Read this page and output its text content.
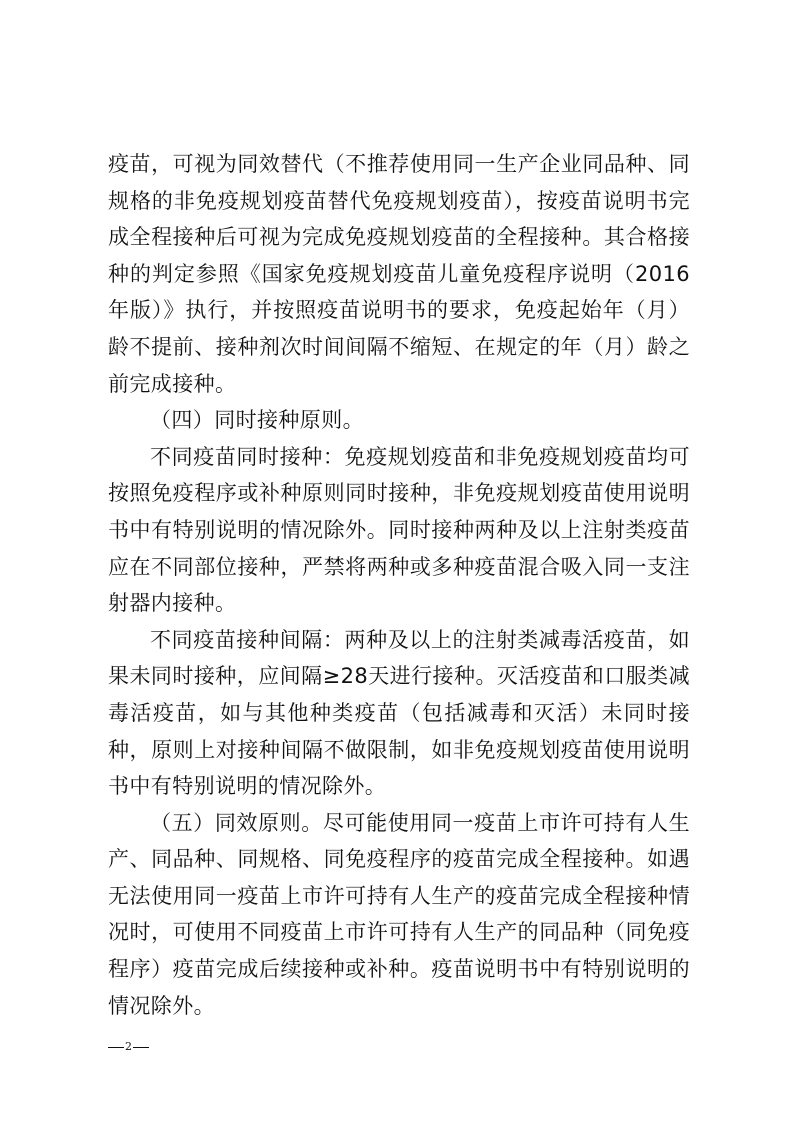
疫苗，可视为同效替代（不推荐使用同一生产企业同品种、同规格的非免疫规划疫苗替代免疫规划疫苗），按疫苗说明书完成全程接种后可视为完成免疫规划疫苗的全程接种。其合格接种的判定参照《国家免疫规划疫苗儿童免疫程序说明（2016年版）》执行，并按照疫苗说明书的要求，免疫起始年（月）龄不提前、接种剂次时间间隔不缩短、在规定的年（月）龄之前完成接种。

（四）同时接种原则。

不同疫苗同时接种：免疫规划疫苗和非免疫规划疫苗均可按照免疫程序或补种原则同时接种，非免疫规划疫苗使用说明书中有特别说明的情况除外。同时接种两种及以上注射类疫苗应在不同部位接种，严禁将两种或多种疫苗混合吸入同一支注射器内接种。

不同疫苗接种间隔：两种及以上的注射类减毒活疫苗，如果未同时接种，应间隔≥28天进行接种。灭活疫苗和口服类减毒活疫苗，如与其他种类疫苗（包括减毒和灭活）未同时接种，原则上对接种间隔不做限制，如非免疫规划疫苗使用说明书中有特别说明的情况除外。

（五）同效原则。尽可能使用同一疫苗上市许可持有人生产、同品种、同规格、同免疫程序的疫苗完成全程接种。如遇无法使用同一疫苗上市许可持有人生产的疫苗完成全程接种情况时，可使用不同疫苗上市许可持有人生产的同品种（同免疫程序）疫苗完成后续接种或补种。疫苗说明书中有特别说明的情况除外。

2
